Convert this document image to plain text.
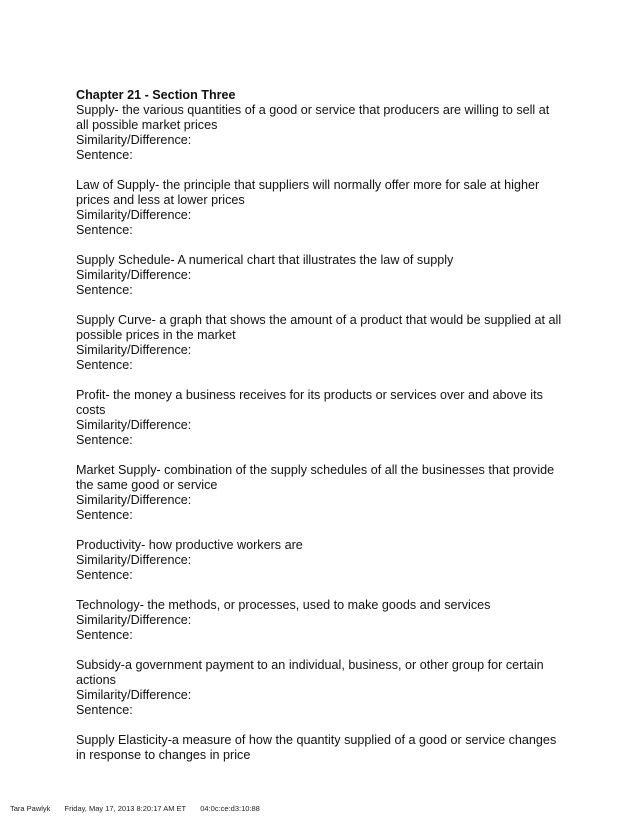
Chapter 21 - Section Three
Supply- the various quantities of a good or service that producers are willing to sell at all possible market prices
Similarity/Difference:
Sentence:
Law of Supply- the principle that suppliers will normally offer more for sale at higher prices and less at lower prices
Similarity/Difference:
Sentence:
Supply Schedule- A numerical chart that illustrates the law of supply
Similarity/Difference:
Sentence:
Supply Curve- a graph that shows the amount of a product that would be supplied at all possible prices in the market
Similarity/Difference:
Sentence:
Profit- the money a business receives for its products or services over and above its costs
Similarity/Difference:
Sentence:
Market Supply- combination of the supply schedules of all the businesses that provide the same good or service
Similarity/Difference:
Sentence:
Productivity- how productive workers are
Similarity/Difference:
Sentence:
Technology- the methods, or processes, used to make goods and services
Similarity/Difference:
Sentence:
Subsidy-a government payment to an individual, business, or other group for certain actions
Similarity/Difference:
Sentence:
Supply Elasticity-a measure of how the quantity supplied of a good or service changes in response to changes in price
Tara Pawlyk Friday, May 17, 2013 8:20:17 AM ET 04:0c:ce:d3:10:88
